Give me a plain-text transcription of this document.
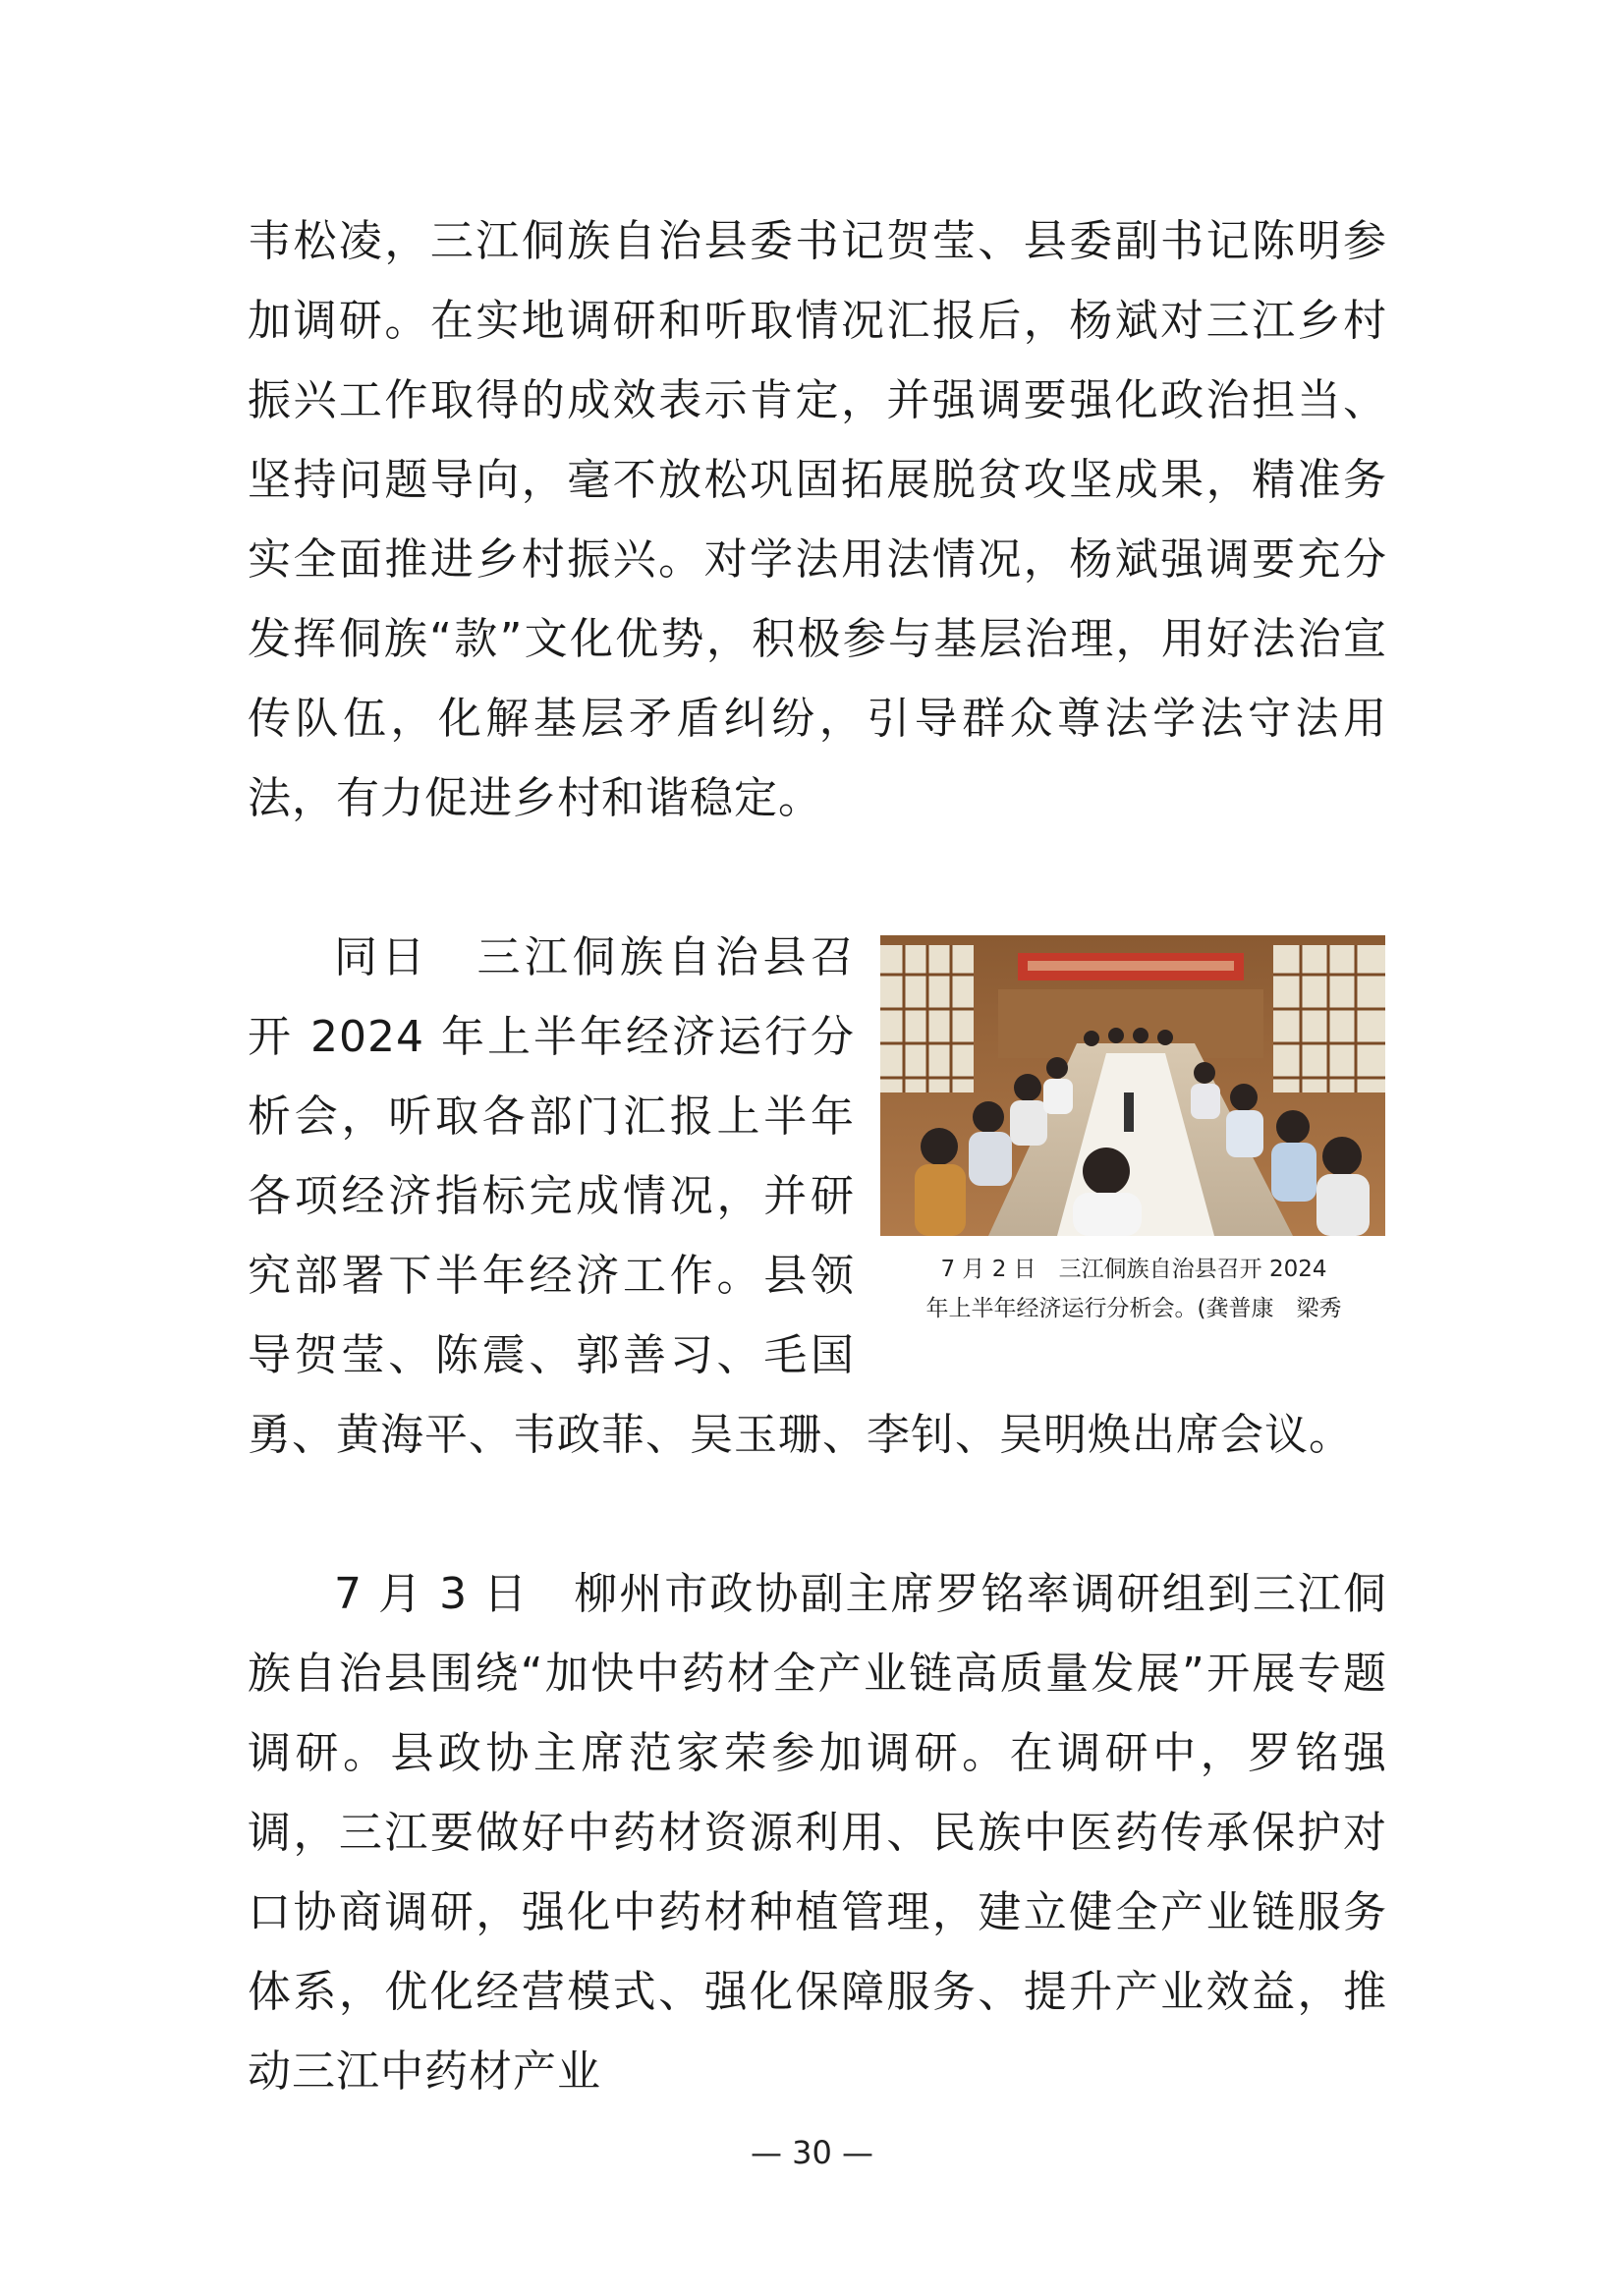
韦松凌，三江侗族自治县委书记贺莹、县委副书记陈明参加调研。在实地调研和听取情况汇报后，杨斌对三江乡村振兴工作取得的成效表示肯定，并强调要强化政治担当、坚持问题导向，毫不放松巩固拓展脱贫攻坚成果，精准务实全面推进乡村振兴。对学法用法情况，杨斌强调要充分发挥侗族“款”文化优势，积极参与基层治理，用好法治宣传队伍，化解基层矛盾纠纷，引导群众尊法学法守法用法，有力促进乡村和谐稳定。

7 月 2 日　三江侗族自治县召开 2024
年上半年经济运行分析会。(龚普康　梁秀

同日　三江侗族自治县召开 2024 年上半年经济运行分析会，听取各部门汇报上半年各项经济指标完成情况，并研究部署下半年经济工作。县领导贺莹、陈震、郭善习、毛国勇、黄海平、韦政菲、吴玉珊、李钊、吴明焕出席会议。

7 月 3 日　柳州市政协副主席罗铭率调研组到三江侗族自治县围绕“加快中药材全产业链高质量发展”开展专题调研。县政协主席范家荣参加调研。在调研中，罗铭强调，三江要做好中药材资源利用、民族中医药传承保护对口协商调研，强化中药材种植管理，建立健全产业链服务体系，优化经营模式、强化保障服务、提升产业效益，推动三江中药材产业

— 30 —
